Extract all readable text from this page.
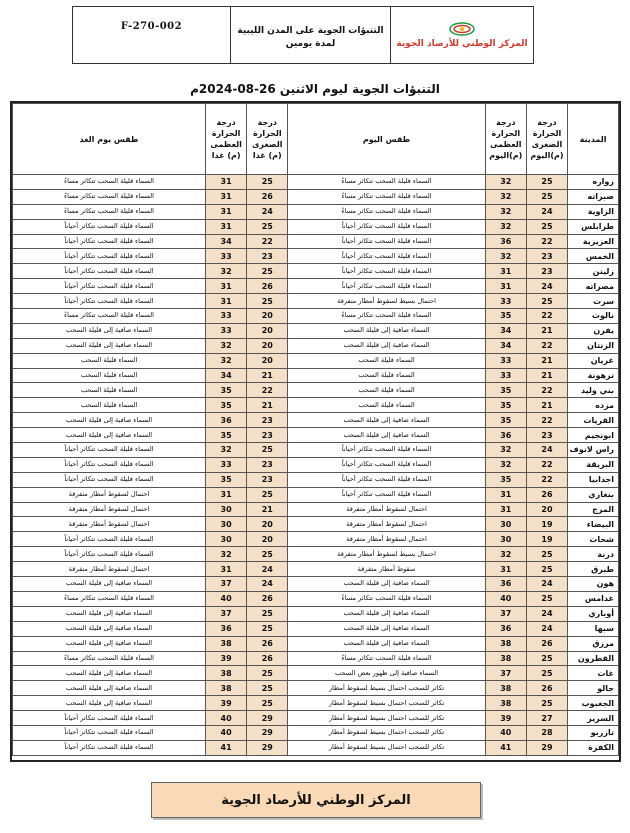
F-270-002	التنبؤات الجوية على المدن الليبية
لمدة يومين	المركز الوطني للأرصاد الجوية
التنبؤات الجوية ليوم الاثنين 26-08-2024م
المدينة	درجة الحرارة الصغرى (م)اليوم	درجة الحرارة العظمى (م)اليوم	طقس اليوم	درجة الحرارة الصغرى (م) غدا	درجة الحرارة العظمى (م) غدا	طقس يوم الغد
زواره	25	32	السماء قليلة السحب تتكاثر مساءً	25	31	السماء قليلة السحب تتكاثر مساءً
صبراته	25	32	السماء قليلة السحب تتكاثر مساءً	26	31	السماء قليلة السحب تتكاثر مساءً
الزاوية	24	32	السماء قليلة السحب تتكاثر مساءً	24	31	السماء قليلة السحب تتكاثر مساءً
طرابلس	25	32	السماء قليلة السحب تتكاثر أحياناً	25	31	السماء قليلة السحب تتكاثر أحياناً
العزيزية	22	36	السماء قليلة السحب تتكاثر أحياناً	22	34	السماء قليلة السحب تتكاثر أحياناً
الخمس	23	32	السماء قليلة السحب تتكاثر أحياناً	23	33	السماء قليلة السحب تتكاثر أحياناً
زليتن	23	31	السماء قليلة السحب تتكاثر أحياناً	25	32	السماء قليلة السحب تتكاثر أحياناً
مصراته	24	31	السماء قليلة السحب تتكاثر أحياناً	26	31	السماء قليلة السحب تتكاثر أحياناً
سرت	25	33	احتمال بسيط لسقوط أمطار متفرقة	25	31	السماء قليلة السحب تتكاثر أحياناً
نالوت	22	35	السماء قليلة السحب تتكاثر مساءً	20	33	السماء قليلة السحب تتكاثر مساءً
يفرن	21	34	السماء صافية إلى قليلة السحب	20	33	السماء صافية إلى قليلة السحب
الزنتان	22	34	السماء صافية إلى قليلة السحب	20	32	السماء صافية إلى قليلة السحب
غريان	21	33	السماء قليلة السحب	20	32	السماء قليلة السحب
ترهونة	21	33	السماء قليلة السحب	21	34	السماء قليلة السحب
بني وليد	22	35	السماء قليلة السحب	22	35	السماء قليلة السحب
مزده	21	35	السماء قليلة السحب	21	35	السماء قليلة السحب
القريات	22	35	السماء صافية إلى قليلة السحب	23	36	السماء صافية إلى قليلة السحب
ابونجيم	23	36	السماء صافية إلى قليلة السحب	23	35	السماء صافية إلى قليلة السحب
راس لانوف	24	32	السماء قليلة السحب تتكاثر أحياناً	25	32	السماء قليلة السحب تتكاثر أحياناً
البريقة	22	32	السماء قليلة السحب تتكاثر أحياناً	23	33	السماء قليلة السحب تتكاثر أحياناً
اجدابيا	22	35	السماء قليلة السحب تتكاثر أحياناً	23	35	السماء قليلة السحب تتكاثر أحياناً
بنغازي	26	31	السماء قليلة السحب تتكاثر أحياناً	25	31	احتمال لسقوط أمطار متفرقة
المرج	20	31	احتمال لسقوط أمطار متفرقة	21	30	احتمال لسقوط أمطار متفرقة
البيضاء	19	30	احتمال لسقوط أمطار متفرقة	20	30	احتمال لسقوط أمطار متفرقة
شحات	19	30	احتمال لسقوط أمطار متفرقة	20	30	السماء قليلة السحب تتكاثر أحياناً
درنة	25	32	احتمال بسيط لسقوط أمطار متفرقة	25	32	السماء قليلة السحب تتكاثر أحياناً
طبرق	25	31	سقوط أمطار متفرقة	24	31	احتمال لسقوط أمطار متفرقة
هون	24	36	السماء صافية إلى قليلة السحب	24	37	السماء صافية إلى قليلة السحب
غدامس	25	40	السماء قليلة السحب تتكاثر مساءً	26	40	السماء قليلة السحب تتكاثر مساءً
أوباري	24	37	السماء صافية إلى قليلة السحب	25	37	السماء صافية إلى قليلة السحب
سبها	24	36	السماء صافية إلى قليلة السحب	25	36	السماء صافية إلى قليلة السحب
مرزق	26	38	السماء صافية إلى قليلة السحب	26	38	السماء صافية إلى قليلة السحب
القطرون	25	38	السماء قليلة السحب تتكاثر مساءً	26	39	السماء قليلة السحب تتكاثر مساءً
غات	25	37	السماء صافية إلى ظهور بعض السحب	25	38	السماء صافية إلى قليلة السحب
جالو	26	38	تكاثر للسحب احتمال بسيط لسقوط أمطار	25	38	السماء صافية إلى قليلة السحب
الجغبوب	25	38	تكاثر للسحب احتمال بسيط لسقوط أمطار	25	39	السماء صافية إلى قليلة السحب
السرير	27	39	تكاثر للسحب احتمال بسيط لسقوط أمطار	29	40	السماء قليلة السحب تتكاثر أحياناً
تازربو	28	40	تكاثر للسحب احتمال بسيط لسقوط أمطار	29	40	السماء قليلة السحب تتكاثر أحياناً
الكفرة	29	41	تكاثر للسحب احتمال بسيط لسقوط أمطار	29	41	السماء قليلة السحب تتكاثر أحياناً
المركز الوطني للأرصاد الجوية
